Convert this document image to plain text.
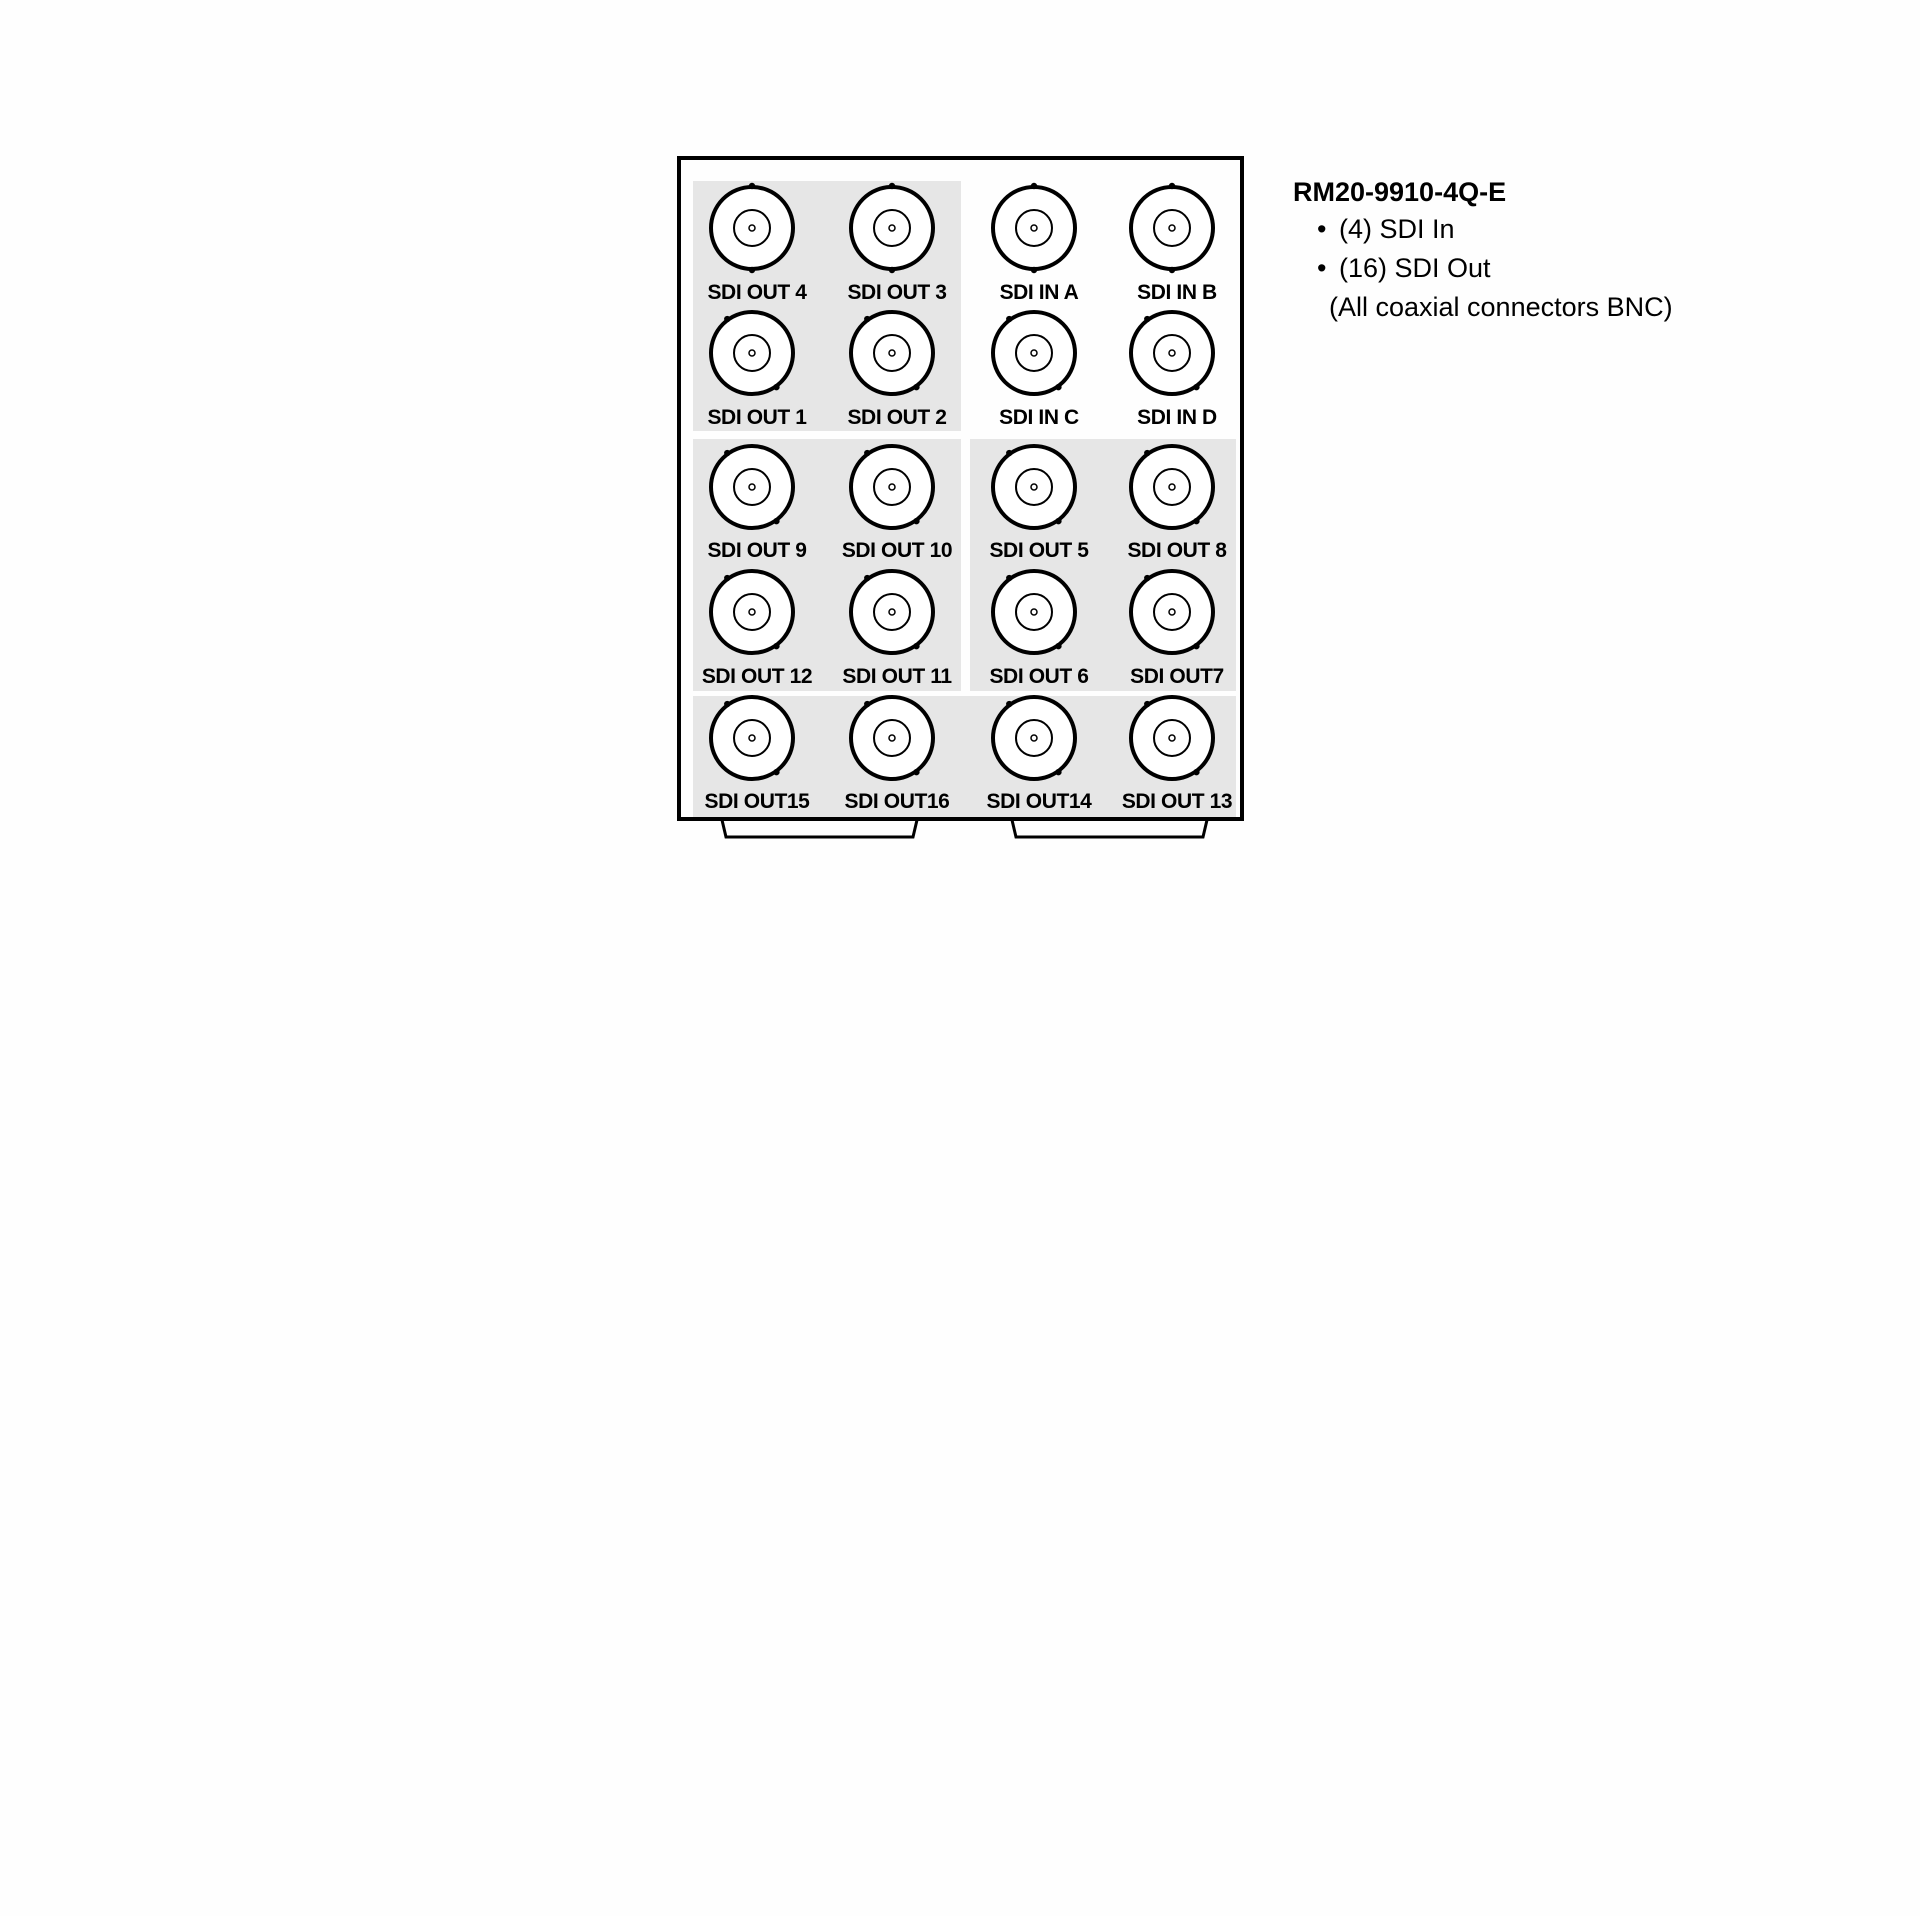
SDI OUT 4 SDI OUT 3	SDI IN A	SDI IN B
SDI OUT 1 SDI OUT 2	SDI IN C	SDI IN D
SDI OUT 9 SDI OUT 10 SDI OUT 5 SDI OUT 8
SDI OUT 12 SDI OUT 11 SDI OUT 6 SDI OUT7
SDI OUT15 SDI OUT16 SDI OUT14 SDI OUT 13
RM20-9910-4Q-E
• (4) SDI In
• (16) SDI Out
(All coaxial connectors BNC)
